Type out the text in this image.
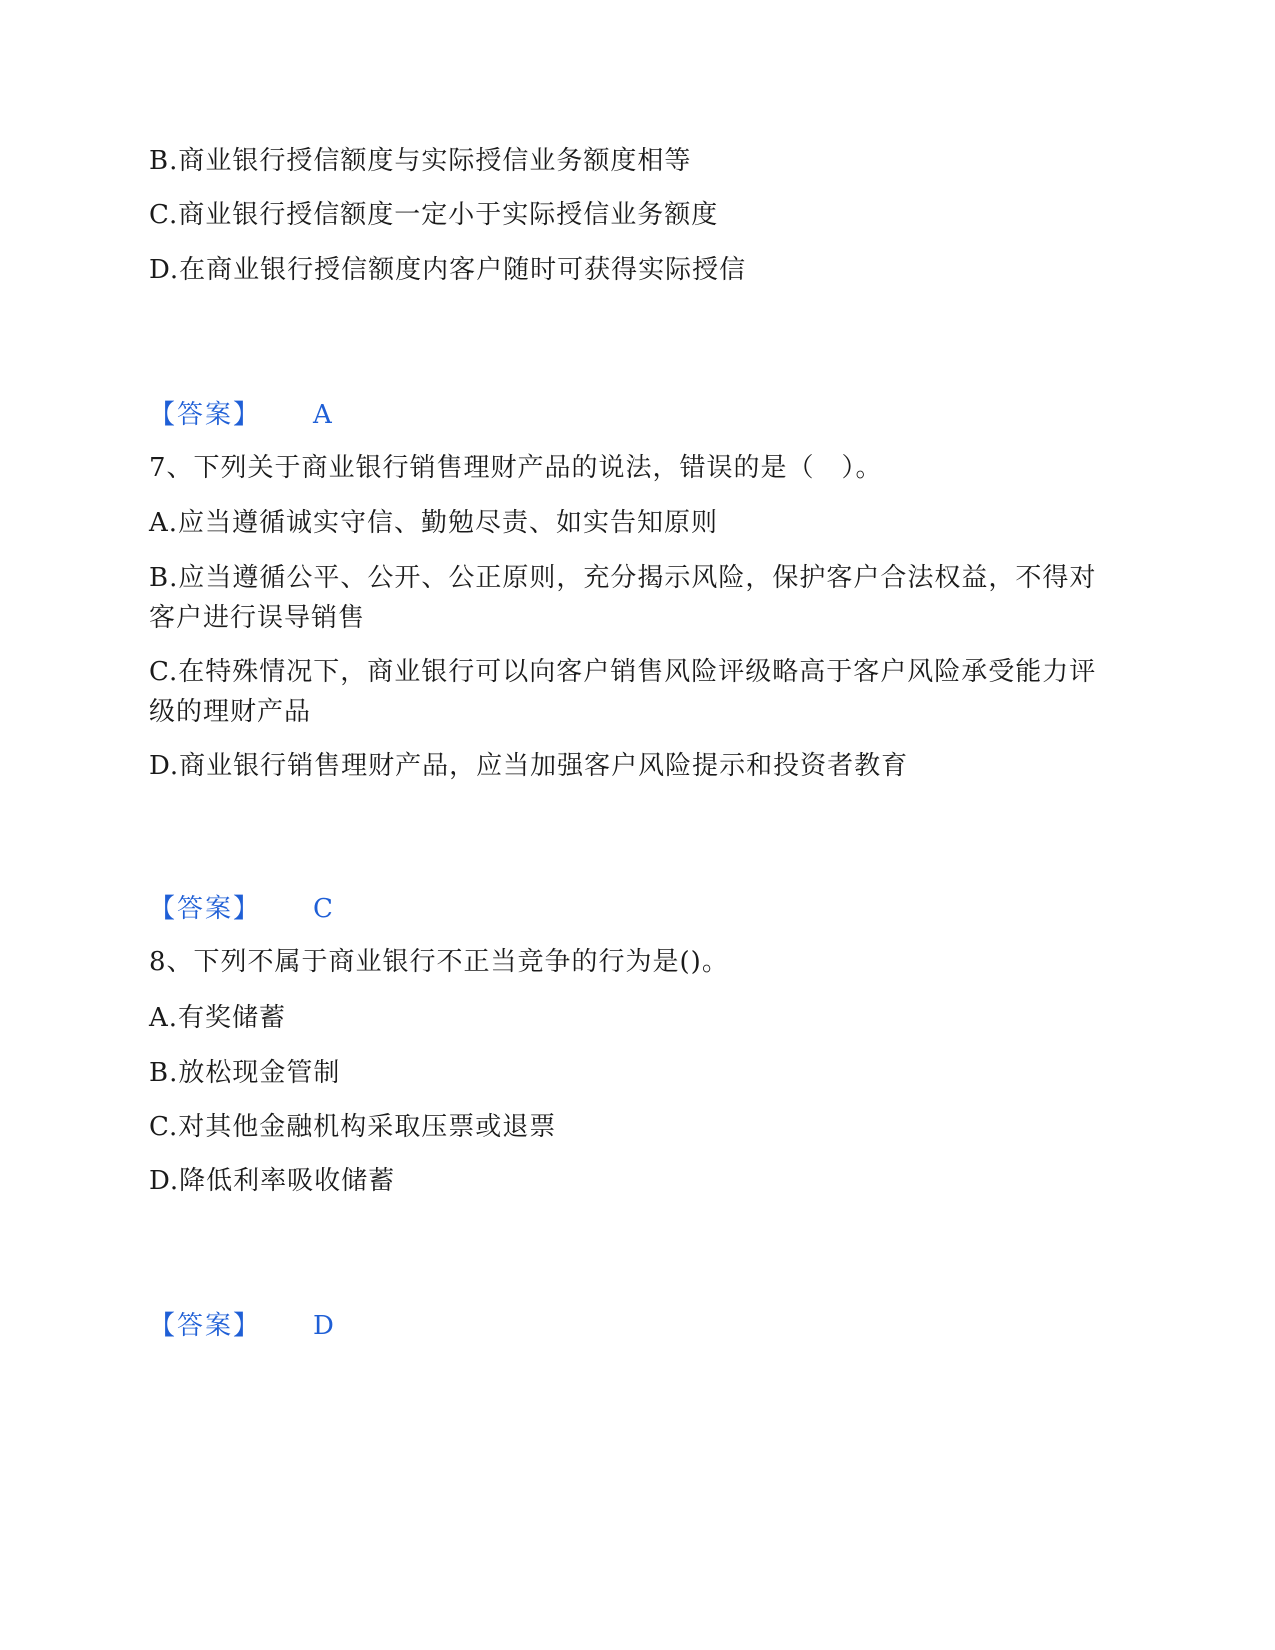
B.商业银行授信额度与实际授信业务额度相等
C.商业银行授信额度一定小于实际授信业务额度
D.在商业银行授信额度内客户随时可获得实际授信
【答案】 A
7、下列关于商业银行销售理财产品的说法，错误的是（　）。
A.应当遵循诚实守信、勤勉尽责、如实告知原则
B.应当遵循公平、公开、公正原则，充分揭示风险，保护客户合法权益，不得对客户进行误导销售
C.在特殊情况下，商业银行可以向客户销售风险评级略高于客户风险承受能力评级的理财产品
D.商业银行销售理财产品，应当加强客户风险提示和投资者教育
【答案】 C
8、下列不属于商业银行不正当竞争的行为是()。
A.有奖储蓄
B.放松现金管制
C.对其他金融机构采取压票或退票
D.降低利率吸收储蓄
【答案】 D
